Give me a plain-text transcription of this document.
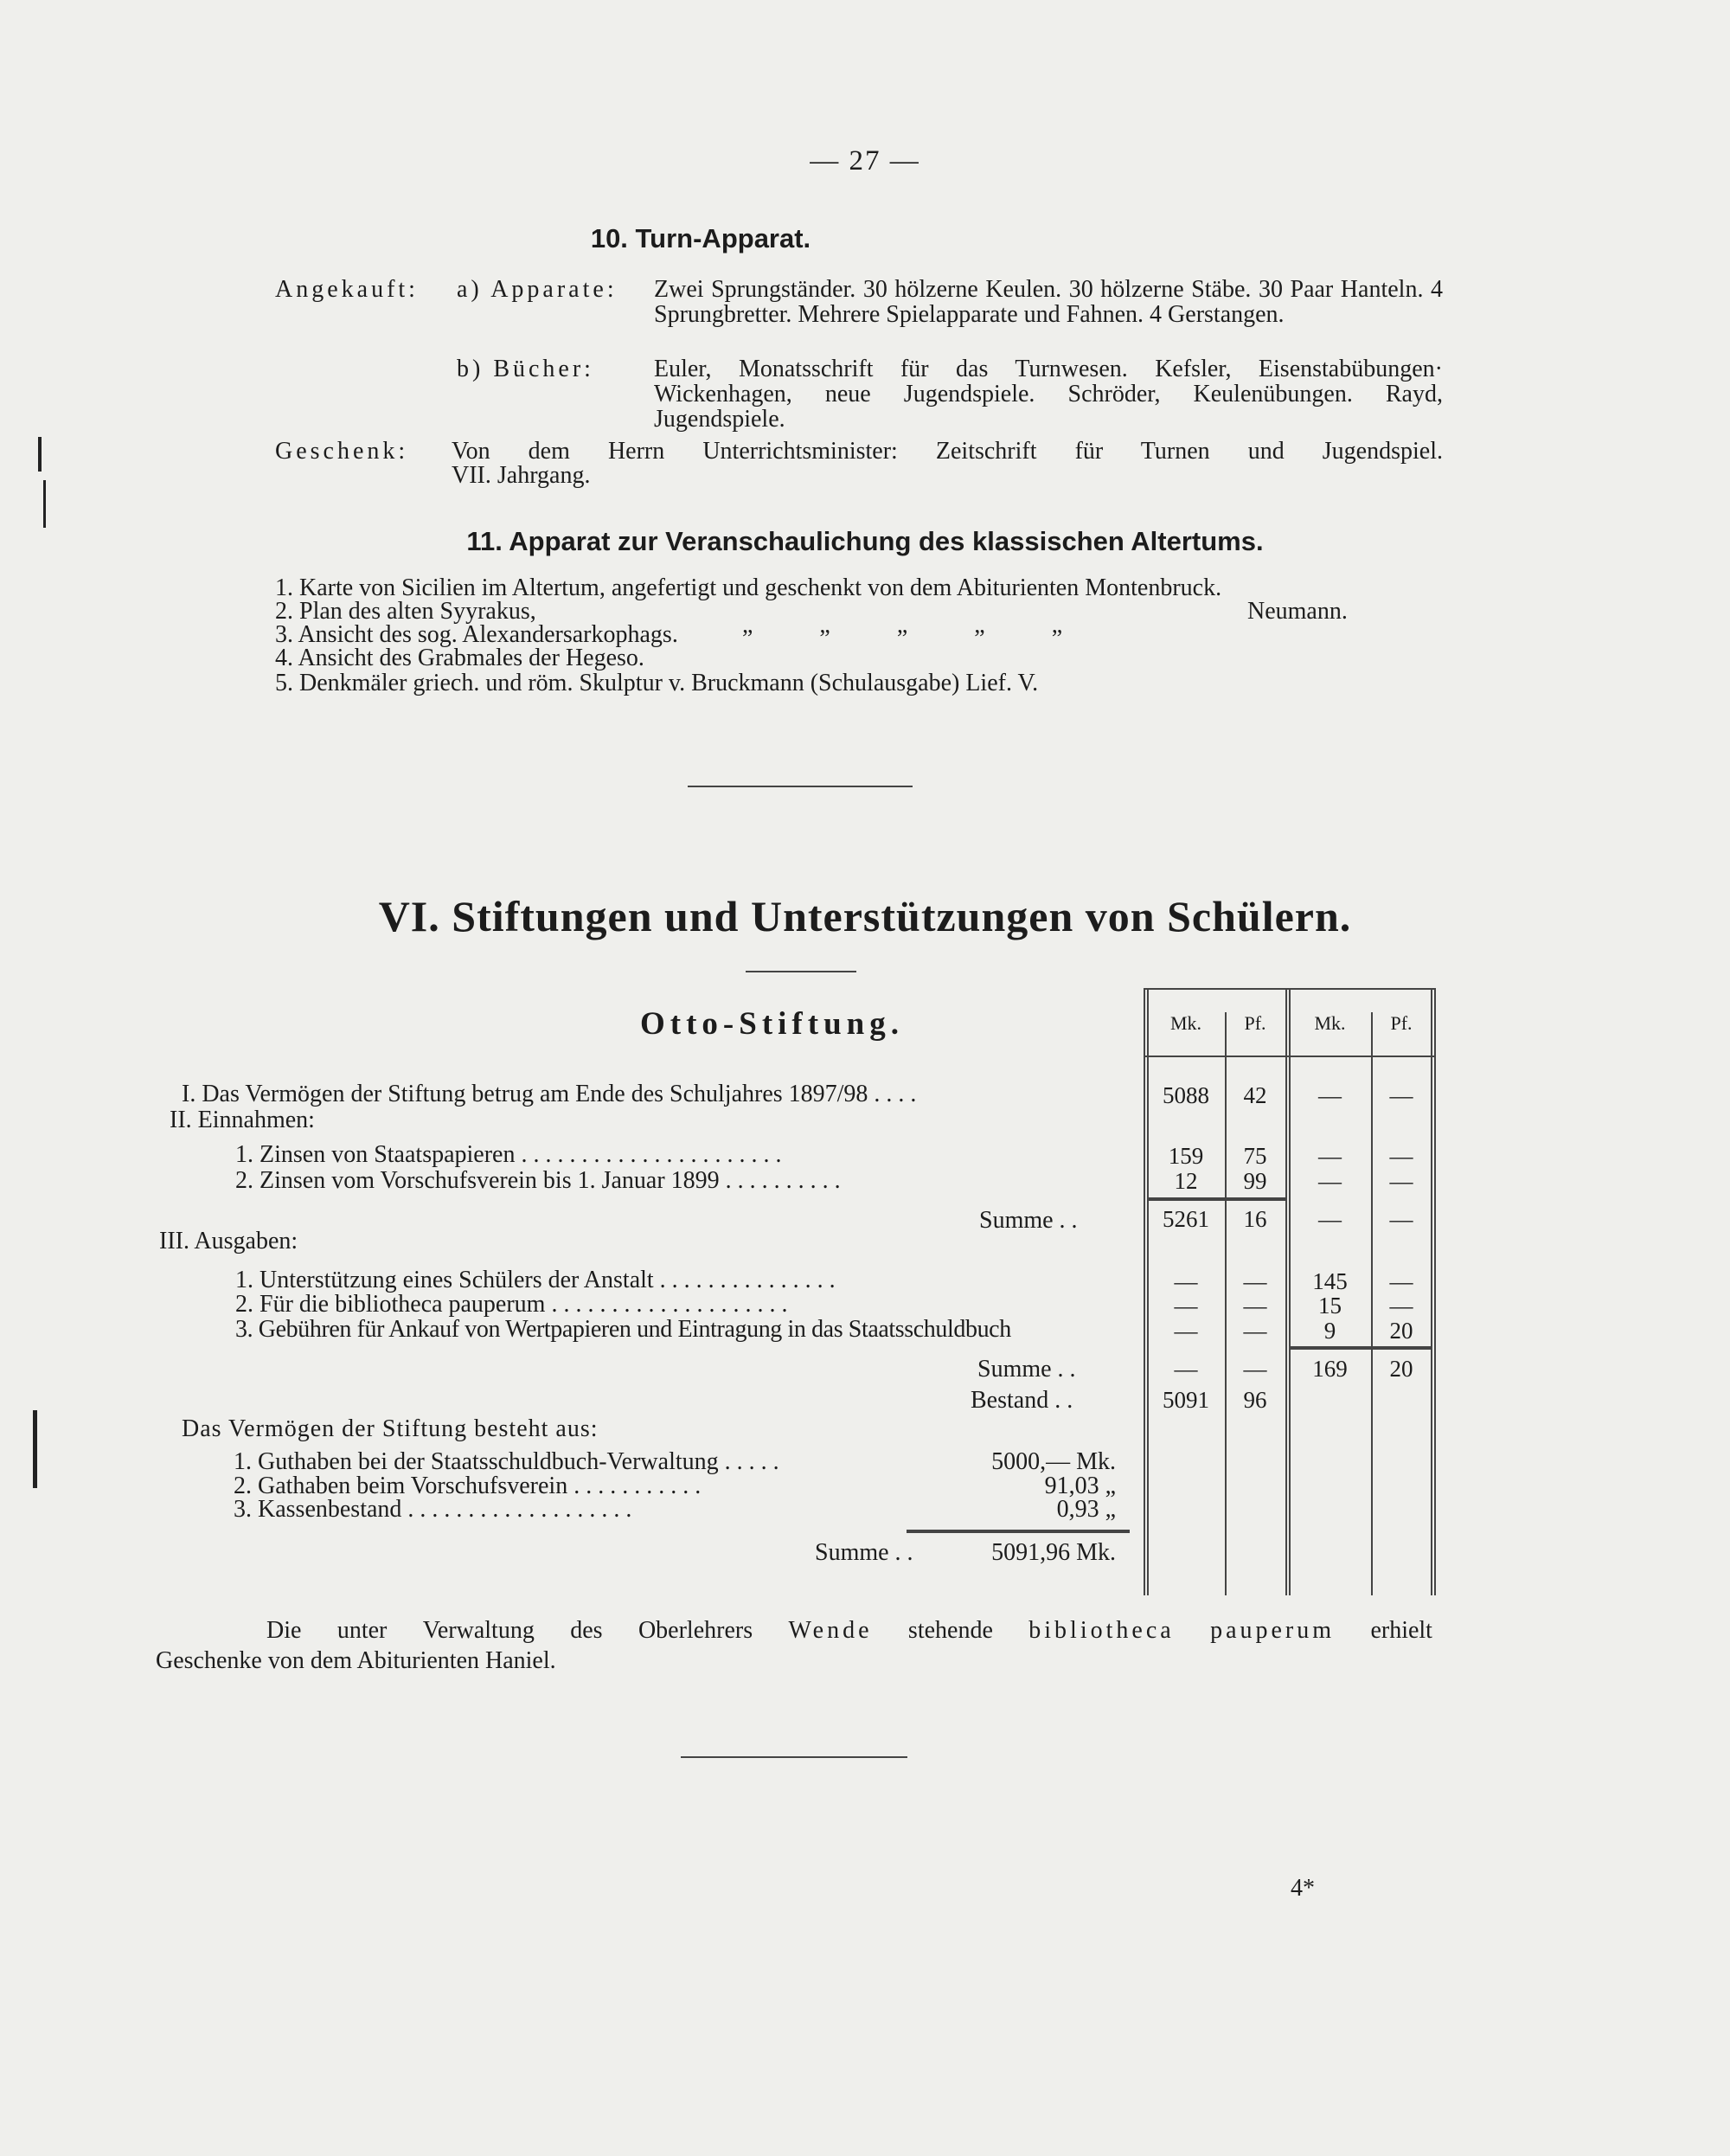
— 27 —
10. Turn-Apparat.
Angekauft: a) Apparate: Zwei Sprungständer. 30 hölzerne Keulen. 30 hölzerne Stäbe. 30 Paar Hanteln. 4 Sprungbretter. Mehrere Spielapparate und Fahnen. 4 Gerstangen.
b) Bücher: Euler, Monatsschrift für das Turnwesen. Kefsler, Eisenstabübungen· Wickenhagen, neue Jugendspiele. Schröder, Keulenübungen. Rayd, Jugendspiele.
Geschenk: Von dem Herrn Unterrichtsminister: Zeitschrift für Turnen und Jugendspiel.
VII. Jahrgang.
11. Apparat zur Veranschaulichung des klassischen Altertums.
1. Karte von Sicilien im Altertum, angefertigt und geschenkt von dem Abiturienten Montenbruck.
2. Plan des alten Syyrakus,
„ „ „ „ „
Neumann.
3. Ansicht des sog. Alexandersarkophags.
4. Ansicht des Grabmales der Hegeso.
5. Denkmäler griech. und röm. Skulptur v. Bruckmann (Schulausgabe) Lief. V.
VI. Stiftungen und Unterstützungen von Schülern.
Otto-Stiftung.	Mk.	Pf.	Mk.	Pf.
I. Das Vermögen der Stiftung betrug am Ende des Schuljahres 1897/98 . . . .	5088	42	—	—
II. Einnahmen:
1. Zinsen von Staatspapieren . . . . . . . . . . . . . . . . . . . . . .	159	75	—	—
2. Zinsen vom Vorschufsverein bis 1. Januar 1899 . . . . . . . . . .	12	99	—	—
Summe . .	5261	16	—	—
III. Ausgaben:
1. Unterstützung eines Schülers der Anstalt . . . . . . . . . . . . . . .	—	—	145	—
2. Für die bibliotheca pauperum . . . . . . . . . . . . . . . . . . . .	—	—	15	—
3. Gebühren für Ankauf von Wertpapieren und Eintragung in das Staatsschuldbuch	—	—	9	20
Summe . .	—	—	169	20
Bestand . .	5091	96
Das Vermögen der Stiftung besteht aus:
1. Guthaben bei der Staatsschuldbuch-Verwaltung . . . . .	5000,— Mk.
2. Gathaben beim Vorschufsverein . . . . . . . . . . .	91,03 „
3. Kassenbestand . . . . . . . . . . . . . . . . . . .	0,93 „
Summe . .	5091,96 Mk.
Die unter Verwaltung des Oberlehrers Wende stehende bibliotheca pauperum erhielt
Geschenke von dem Abiturienten Haniel.
4*
